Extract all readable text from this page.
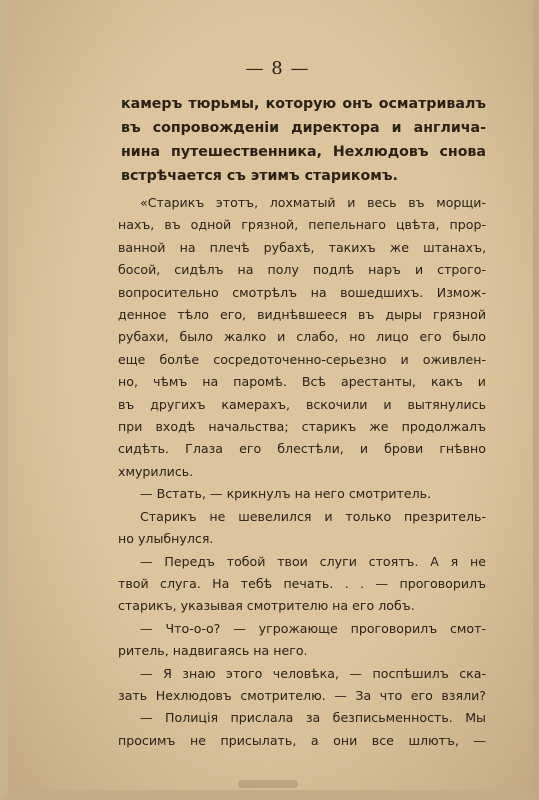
— 8 —
камеръ тюрьмы, которую онъ осматривалъ
въ сопровожденіи директора и англича-
нина путешественника, Нехлюдовъ снова
встрѣчается съ этимъ старикомъ.
«Старикъ этотъ, лохматый и весь въ морщи-
нахъ, въ одной грязной, пепельнаго цвѣта, прор-
ванной на плечѣ рубахѣ, такихъ же штанахъ,
босой, сидѣлъ на полу подлѣ наръ и строго-
вопросительно смотрѣлъ на вошедшихъ. Измож-
денное тѣло его, виднѣвшееся въ дыры грязной
рубахи, было жалко и слабо, но лицо его было
еще болѣе сосредоточенно-серьезно и оживлен-
но, чѣмъ на паромѣ. Всѣ арестанты, какъ и
въ другихъ камерахъ, вскочили и вытянулись
при входѣ начальства; старикъ же продолжалъ
сидѣть. Глаза его блестѣли, и брови гнѣвно
хмурились.
— Встать, — крикнулъ на него смотритель.
Старикъ не шевелился и только презритель-
но улыбнулся.
— Передъ тобой твои слуги стоятъ. А я не
твой слуга. На тебѣ печать. . . — проговорилъ
старикъ, указывая смотрителю на его лобъ.
— Что-о-о? — угрожающе проговорилъ смот-
ритель, надвигаясь на него.
— Я знаю этого человѣка, — поспѣшилъ ска-
зать Нехлюдовъ смотрителю. — За что его взяли?
— Полиція прислала за безписьменность. Мы
просимъ не присылать, а они все шлютъ, —
